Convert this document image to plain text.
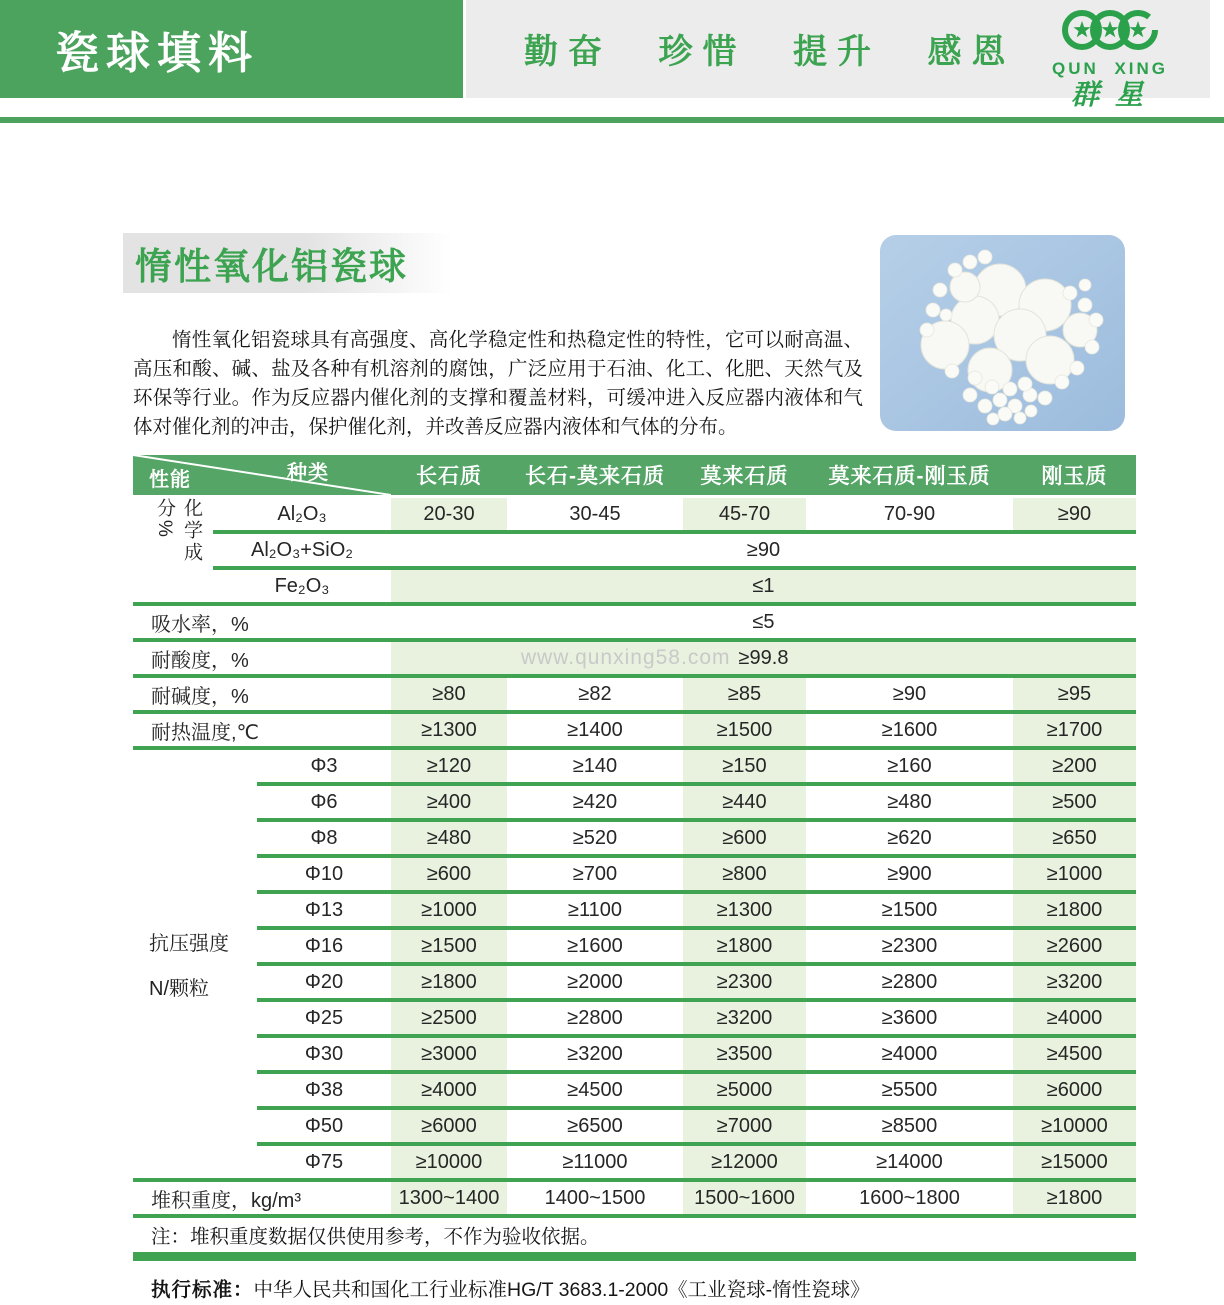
瓷球填料	勤奋 珍惜 提升 感恩	QUN XING
群星
惰性氧化铝瓷球

惰性氧化铝瓷球具有高强度、高化学稳定性和热稳定性的特性，它可以耐高温、高压和酸、碱、盐及各种有机溶剂的腐蚀，广泛应用于石油、化工、化肥、天然气及环保等行业。作为反应器内催化剂的支撑和覆盖材料，可缓冲进入反应器内液体和气体对催化剂的冲击，保护催化剂，并改善反应器内液体和气体的分布。

种类
性能	长石质	长石-莫来石质	莫来石质	莫来石质-刚玉质	刚玉质
Al₂O₃	20-30	30-45	45-70	70-90	≥90
Al₂O₃+SiO₂	≥90
Fe₂O₃	≤1
吸水率，%	≤5
耐酸度，%	www.qunxing58.com ≥99.8
耐碱度，%	≥80	≥82	≥85	≥90	≥95
耐热温度,℃	≥1300	≥1400	≥1500	≥1600	≥1700
Φ3	≥120	≥140	≥150	≥160	≥200
Φ6	≥400	≥420	≥440	≥480	≥500
Φ8	≥480	≥520	≥600	≥620	≥650
Φ10	≥600	≥700	≥800	≥900	≥1000
Φ13	≥1000	≥1100	≥1300	≥1500	≥1800
Φ16	≥1500	≥1600	≥1800	≥2300	≥2600
Φ20	≥1800	≥2000	≥2300	≥2800	≥3200
Φ25	≥2500	≥2800	≥3200	≥3600	≥4000
Φ30	≥3000	≥3200	≥3500	≥4000	≥4500
Φ38	≥4000	≥4500	≥5000	≥5500	≥6000
Φ50	≥6000	≥6500	≥7000	≥8500	≥10000
Φ75	≥10000	≥11000	≥12000	≥14000	≥15000
堆积重度，kg/m³	1300~1400	1400~1500	1500~1600	1600~1800	≥1800
注：堆积重度数据仅供使用参考，不作为验收依据。
执行标准：中华人民共和国化工行业标准HG/T 3683.1-2000《工业瓷球-惰性瓷球》
化学成分%
抗压强度
N/颗粒
